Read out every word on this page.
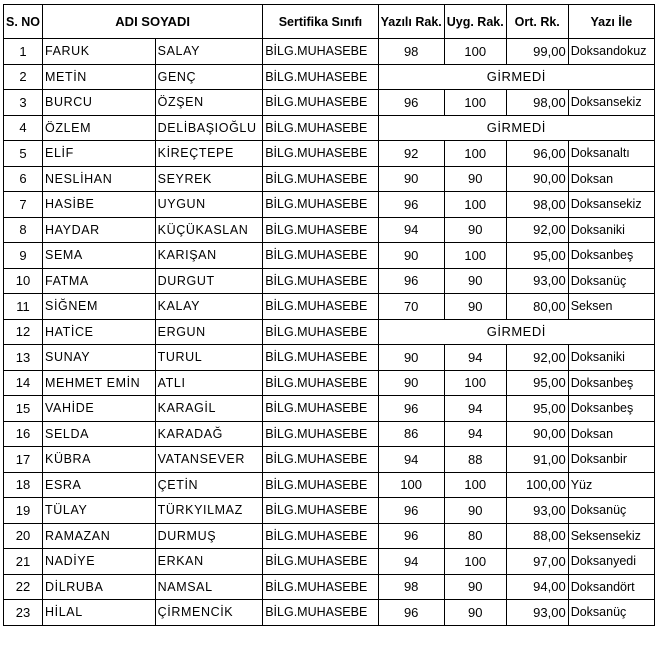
S. NO	ADI SOYADI		Sertifika Sınıfı	Yazılı Rak.	Uyg. Rak.	Ort. Rk.	Yazı İle
1	FARUK	SALAY	BİLG.MUHASEBE	98	100	99,00	Doksandokuz
2	METİN	GENÇ	BİLG.MUHASEBE	GİRMEDİ			
3	BURCU	ÖZŞEN	BİLG.MUHASEBE	96	100	98,00	Doksansekiz
4	ÖZLEM	DELİBAŞIOĞLU	BİLG.MUHASEBE	GİRMEDİ			
5	ELİF	KİREÇTEPE	BİLG.MUHASEBE	92	100	96,00	Doksanaltı
6	NESLİHAN	SEYREK	BİLG.MUHASEBE	90	90	90,00	Doksan
7	HASİBE	UYGUN	BİLG.MUHASEBE	96	100	98,00	Doksansekiz
8	HAYDAR	KÜÇÜKASLAN	BİLG.MUHASEBE	94	90	92,00	Doksaniki
9	SEMA	KARIŞAN	BİLG.MUHASEBE	90	100	95,00	Doksanbeş
10	FATMA	DURGUT	BİLG.MUHASEBE	96	90	93,00	Doksanüç
11	SİĞNEM	KALAY	BİLG.MUHASEBE	70	90	80,00	Seksen
12	HATİCE	ERGUN	BİLG.MUHASEBE	GİRMEDİ			
13	SUNAY	TURUL	BİLG.MUHASEBE	90	94	92,00	Doksaniki
14	MEHMET EMİN	ATLI	BİLG.MUHASEBE	90	100	95,00	Doksanbeş
15	VAHİDE	KARAGİL	BİLG.MUHASEBE	96	94	95,00	Doksanbeş
16	SELDA	KARADAĞ	BİLG.MUHASEBE	86	94	90,00	Doksan
17	KÜBRA	VATANSEVER	BİLG.MUHASEBE	94	88	91,00	Doksanbir
18	ESRA	ÇETİN	BİLG.MUHASEBE	100	100	100,00	Yüz
19	TÜLAY	TÜRKYILMAZ	BİLG.MUHASEBE	96	90	93,00	Doksanüç
20	RAMAZAN	DURMUŞ	BİLG.MUHASEBE	96	80	88,00	Seksensekiz
21	NADİYE	ERKAN	BİLG.MUHASEBE	94	100	97,00	Doksanyedi
22	DİLRUBA	NAMSAL	BİLG.MUHASEBE	98	90	94,00	Doksandört
23	HİLAL	ÇİRMENCİK	BİLG.MUHASEBE	96	90	93,00	Doksanüç
